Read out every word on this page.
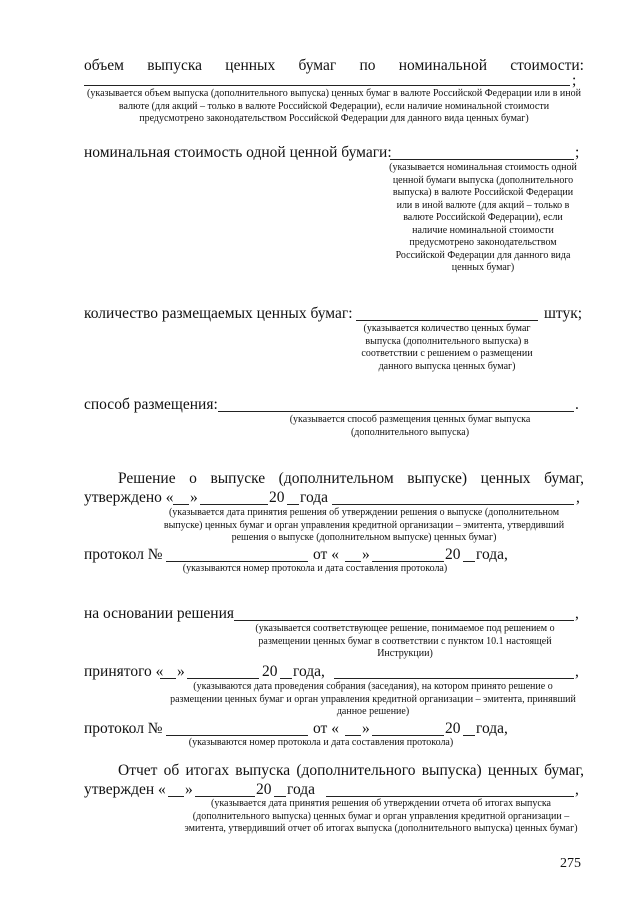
объем выпуска ценных бумаг по номинальной стоимости:
;
(указывается объем выпуска (дополнительного выпуска) ценных бумаг в валюте Российской Федерации или в иной валюте (для акций – только в валюте Российской Федерации), если наличие номинальной стоимости предусмотрено законодательством Российской Федерации для данного вида ценных бумаг)
номинальная стоимость одной ценной бумаги:	;
(указывается номинальная стоимость одной ценной бумаги выпуска (дополнительного выпуска) в валюте Российской Федерации или в иной валюте (для акций – только в валюте Российской Федерации), если наличие номинальной стоимости предусмотрено законодательством Российской Федерации для данного вида ценных бумаг)
количество размещаемых ценных бумаг:	штук;
(указывается количество ценных бумаг выпуска (дополнительного выпуска) в соответствии с решением о размещении данного выпуска ценных бумаг)
способ размещения:	.
(указывается способ размещения ценных бумаг выпуска (дополнительного выпуска)
Решение о выпуске (дополнительном выпуске) ценных бумаг,
утверждено « »	20 года	,
(указывается дата принятия решения об утверждении решения о выпуске (дополнительном выпуске) ценных бумаг и орган управления кредитной организации – эмитента, утвердивший решения о выпуске (дополнительном выпуске) ценных бумаг)
протокол №	от « »	20 года,
(указываются номер протокола и дата составления протокола)
на основании решения	,
(указывается соответствующее решение, понимаемое под решением о размещении ценных бумаг в соответствии с пунктом 10.1 настоящей Инструкции)
принятого « »	20 года,	,
(указываются дата проведения собрания (заседания), на котором принято решение о размещении ценных бумаг и орган управления кредитной организации – эмитента, принявший данное решение)
протокол №	от « »	20 года,
(указываются номер протокола и дата составления протокола)
Отчет об итогах выпуска (дополнительного выпуска) ценных бумаг,
утвержден « »	20 года	,
(указывается дата принятия решения об утверждении отчета об итогах выпуска (дополнительного выпуска) ценных бумаг и орган управления кредитной организации – эмитента, утвердивший отчет об итогах выпуска (дополнительного выпуска) ценных бумаг)
275
